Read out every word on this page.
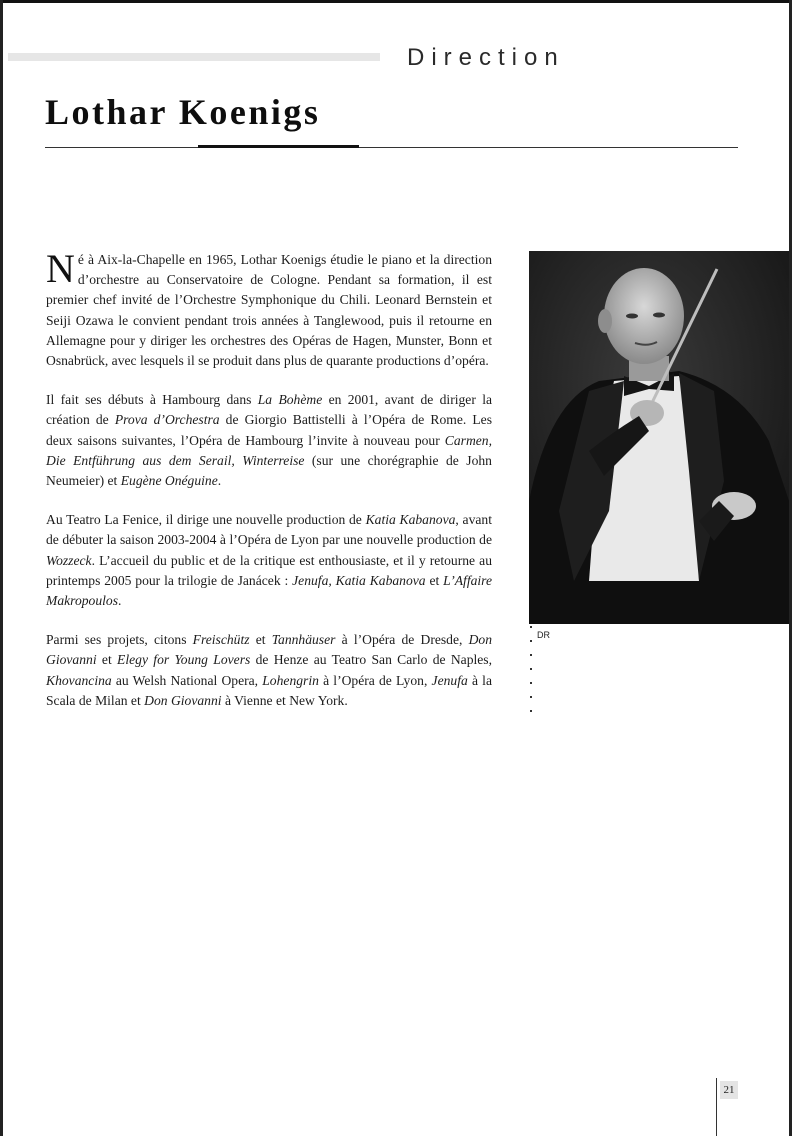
Direction
Lothar Koenigs

Né à Aix-la-Chapelle en 1965, Lothar Koenigs étudie le piano et la direction d’orchestre au Conservatoire de Cologne. Pendant sa formation, il est premier chef invité de l’Orchestre Symphonique du Chili. Leonard Bernstein et Seiji Ozawa le convient pendant trois années à Tanglewood, puis il retourne en Allemagne pour y diriger les orchestres des Opéras de Hagen, Munster, Bonn et Osnabrück, avec lesquels il se produit dans plus de quarante productions d’opéra.

Il fait ses débuts à Hambourg dans La Bohème en 2001, avant de diriger la création de Prova d’Orchestra de Giorgio Battistelli à l’Opéra de Rome. Les deux saisons suivantes, l’Opéra de Hambourg l’invite à nouveau pour Carmen, Die Entführung aus dem Serail, Winterreise (sur une chorégraphie de John Neumeier) et Eugène Onéguine.

Au Teatro La Fenice, il dirige une nouvelle production de Katia Kabanova, avant de débuter la saison 2003-2004 à l’Opéra de Lyon par une nouvelle production de Wozzeck. L’accueil du public et de la critique est enthousiaste, et il y retourne au printemps 2005 pour la trilogie de Janácek : Jenufa, Katia Kabanova et L’Affaire Makropoulos.

Parmi ses projets, citons Freischütz et Tannhäuser à l’Opéra de Dresde, Don Giovanni et Elegy for Young Lovers de Henze au Teatro San Carlo de Naples, Khovancina au Welsh National Opera, Lohengrin à l’Opéra de Lyon, Jenufa à la Scala de Milan et Don Giovanni à Vienne et New York.

DR
21
